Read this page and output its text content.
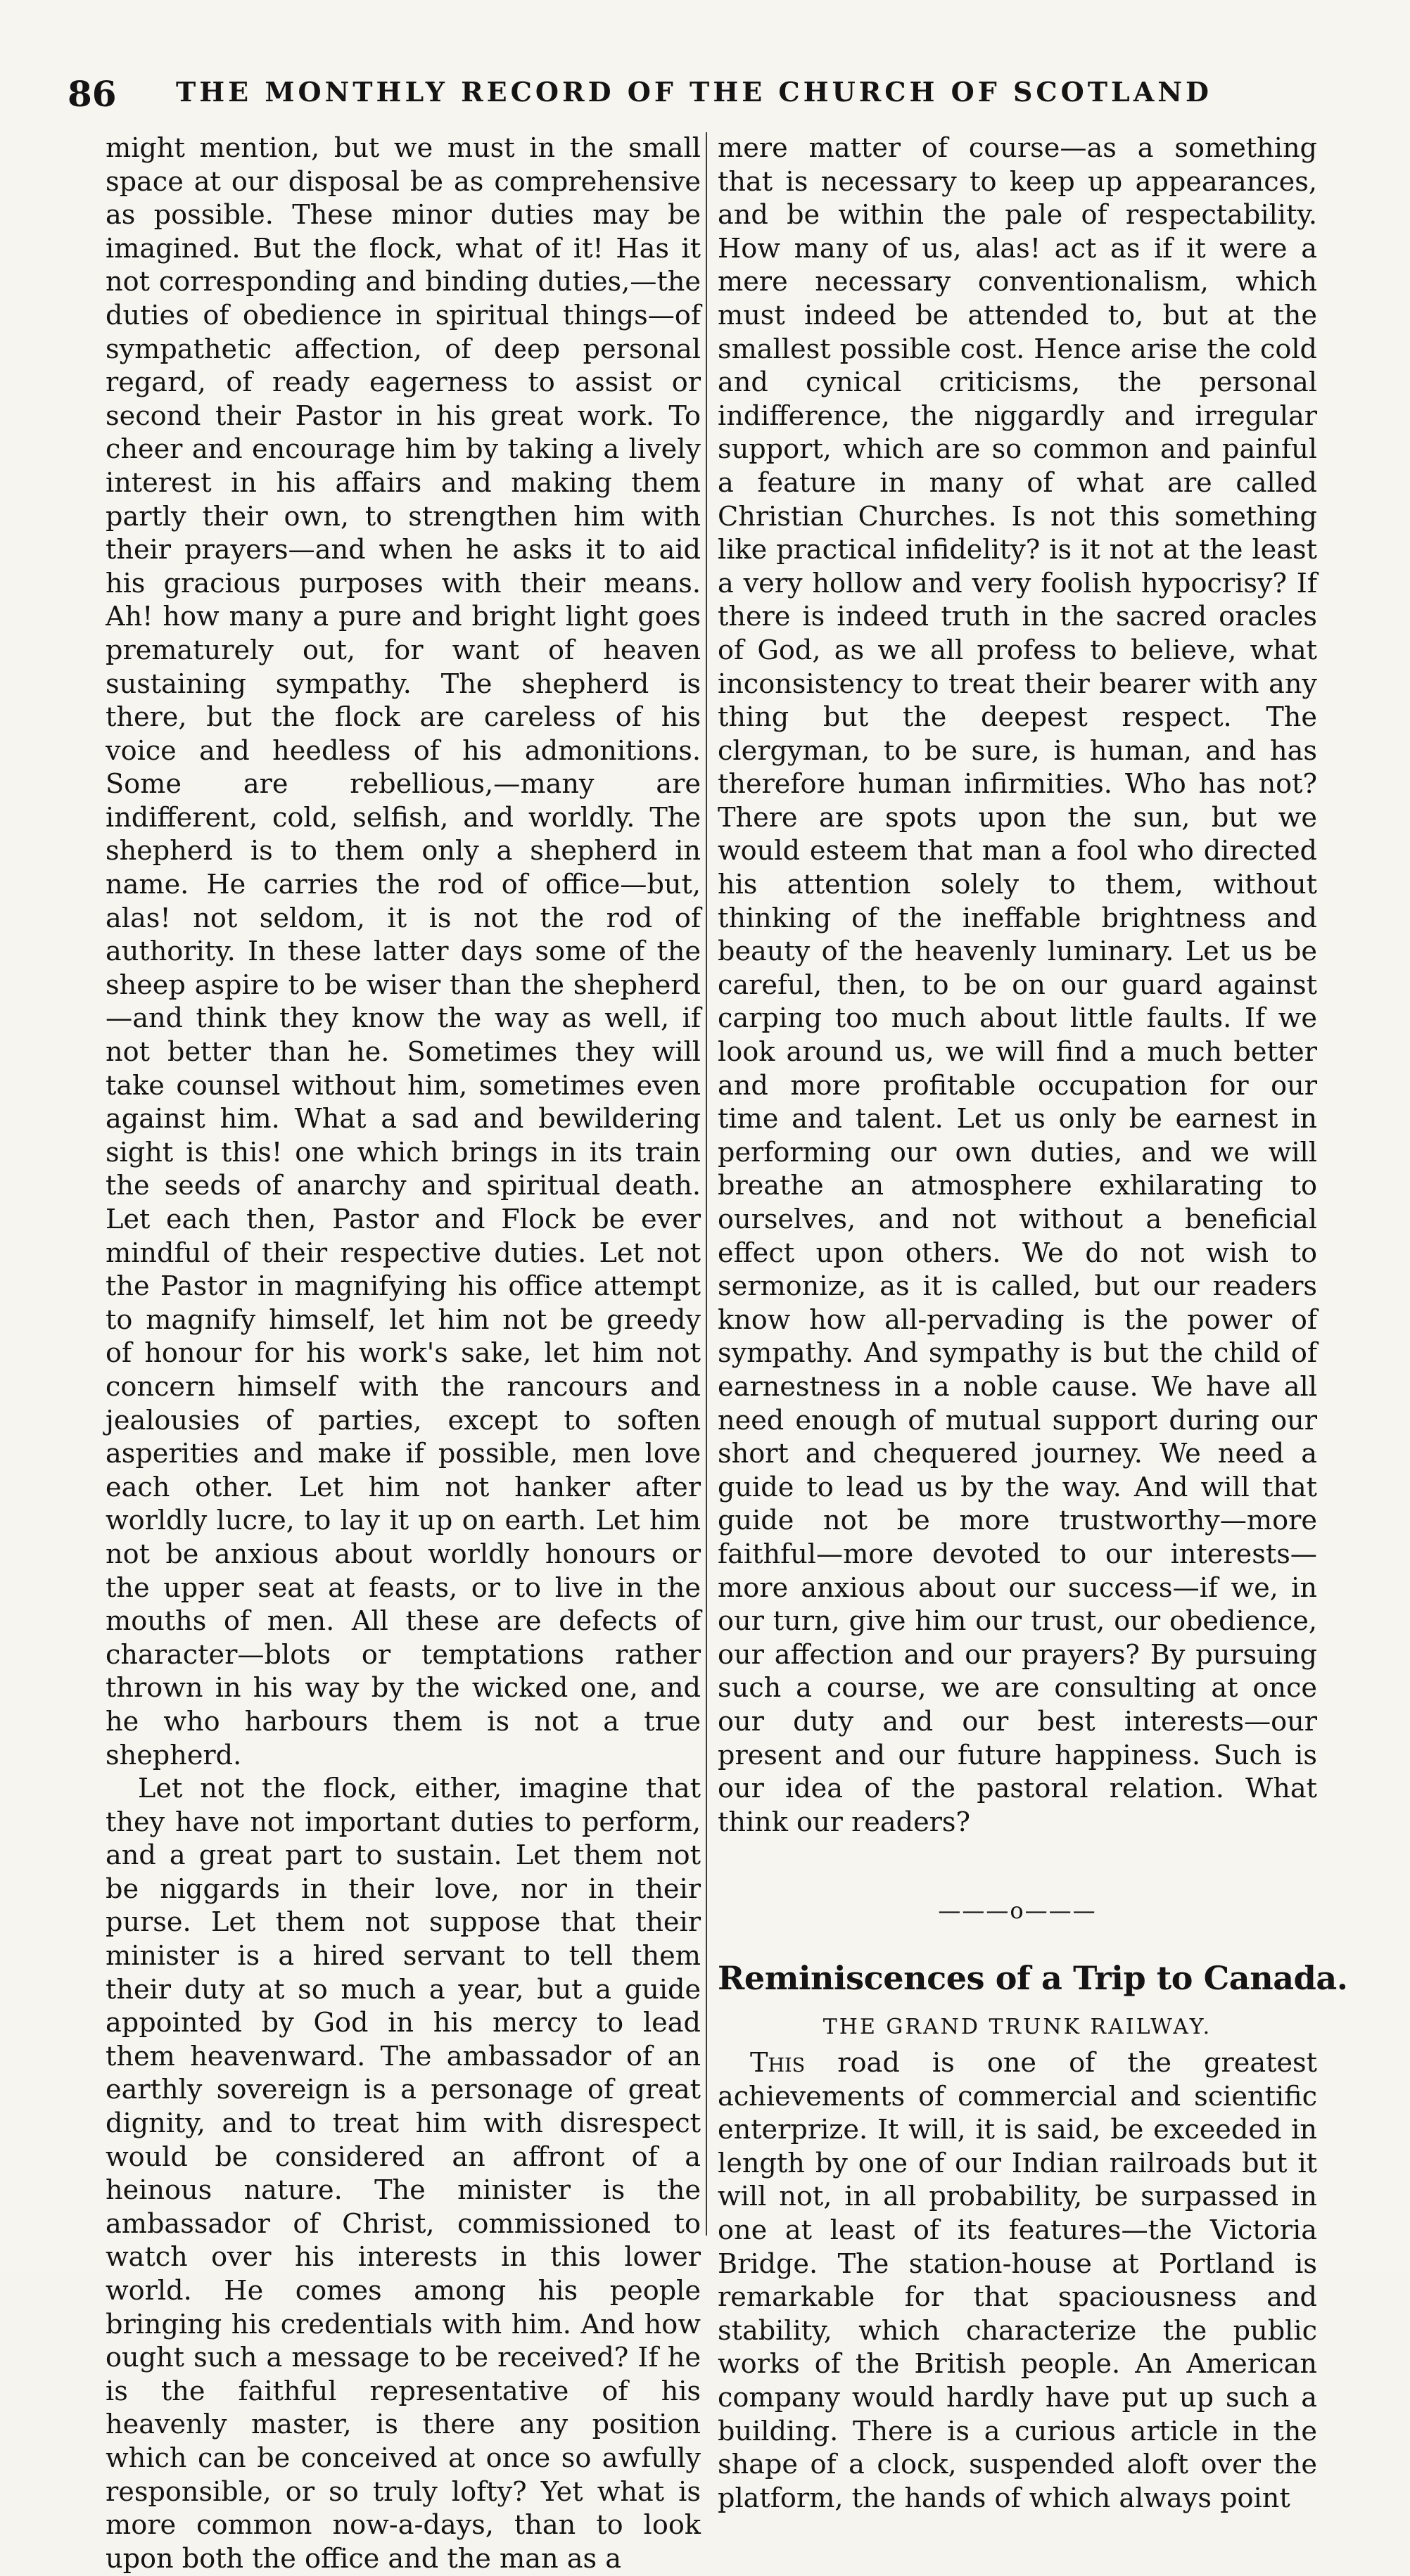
86 THE MONTHLY RECORD OF THE CHURCH OF SCOTLAND

might mention, but we must in the small space at our disposal be as comprehensive as possible. These minor duties may be imagined. But the flock, what of it! Has it not corresponding and binding duties,—the duties of obedience in spiritual things—of sympathetic affection, of deep personal regard, of ready eagerness to assist or second their Pastor in his great work. To cheer and encourage him by taking a lively interest in his affairs and making them partly their own, to strengthen him with their prayers—and when he asks it to aid his gracious purposes with their means. Ah! how many a pure and bright light goes prematurely out, for want of heaven sustaining sympathy. The shepherd is there, but the flock are careless of his voice and heedless of his admonitions. Some are rebellious,—many are indifferent, cold, selfish, and worldly. The shepherd is to them only a shepherd in name. He carries the rod of office—but, alas! not seldom, it is not the rod of authority. In these latter days some of the sheep aspire to be wiser than the shepherd—and think they know the way as well, if not better than he. Sometimes they will take counsel without him, sometimes even against him. What a sad and bewildering sight is this! one which brings in its train the seeds of anarchy and spiritual death. Let each then, Pastor and Flock be ever mindful of their respective duties. Let not the Pastor in magnifying his office attempt to magnify himself, let him not be greedy of honour for his work's sake, let him not concern himself with the rancours and jealousies of parties, except to soften asperities and make if possible, men love each other. Let him not hanker after worldly lucre, to lay it up on earth. Let him not be anxious about worldly honours or the upper seat at feasts, or to live in the mouths of men. All these are defects of character—blots or temptations rather thrown in his way by the wicked one, and he who harbours them is not a true shepherd.

Let not the flock, either, imagine that they have not important duties to perform, and a great part to sustain. Let them not be niggards in their love, nor in their purse. Let them not suppose that their minister is a hired servant to tell them their duty at so much a year, but a guide appointed by God in his mercy to lead them heavenward. The ambassador of an earthly sovereign is a personage of great dignity, and to treat him with disrespect would be considered an affront of a heinous nature. The minister is the ambassador of Christ, commissioned to watch over his interests in this lower world. He comes among his people bringing his credentials with him. And how ought such a message to be received? If he is the faithful representative of his heavenly master, is there any position which can be conceived at once so awfully responsible, or so truly lofty? Yet what is more common now-a-days, than to look upon both the office and the man as a

mere matter of course—as a something that is necessary to keep up appearances, and be within the pale of respectability. How many of us, alas! act as if it were a mere necessary conventionalism, which must indeed be attended to, but at the smallest possible cost. Hence arise the cold and cynical criticisms, the personal indifference, the niggardly and irregular support, which are so common and painful a feature in many of what are called Christian Churches. Is not this something like practical infidelity? is it not at the least a very hollow and very foolish hypocrisy? If there is indeed truth in the sacred oracles of God, as we all profess to believe, what inconsistency to treat their bearer with any thing but the deepest respect. The clergyman, to be sure, is human, and has therefore human infirmities. Who has not? There are spots upon the sun, but we would esteem that man a fool who directed his attention solely to them, without thinking of the ineffable brightness and beauty of the heavenly luminary. Let us be careful, then, to be on our guard against carping too much about little faults. If we look around us, we will find a much better and more profitable occupation for our time and talent. Let us only be earnest in performing our own duties, and we will breathe an atmosphere exhilarating to ourselves, and not without a beneficial effect upon others. We do not wish to sermonize, as it is called, but our readers know how all-pervading is the power of sympathy. And sympathy is but the child of earnestness in a noble cause. We have all need enough of mutual support during our short and chequered journey. We need a guide to lead us by the way. And will that guide not be more trustworthy—more faithful—more devoted to our interests—more anxious about our success—if we, in our turn, give him our trust, our obedience, our affection and our prayers? By pursuing such a course, we are consulting at once our duty and our best interests—our present and our future happiness. Such is our idea of the pastoral relation. What think our readers?

———o———
Reminiscences of a Trip to Canada.
THE GRAND TRUNK RAILWAY.

This road is one of the greatest achievements of commercial and scientific enterprize. It will, it is said, be exceeded in length by one of our Indian railroads but it will not, in all probability, be surpassed in one at least of its features—the Victoria Bridge. The station-house at Portland is remarkable for that spaciousness and stability, which characterize the public works of the British people. An American company would hardly have put up such a building. There is a curious article in the shape of a clock, suspended aloft over the platform, the hands of which always point
